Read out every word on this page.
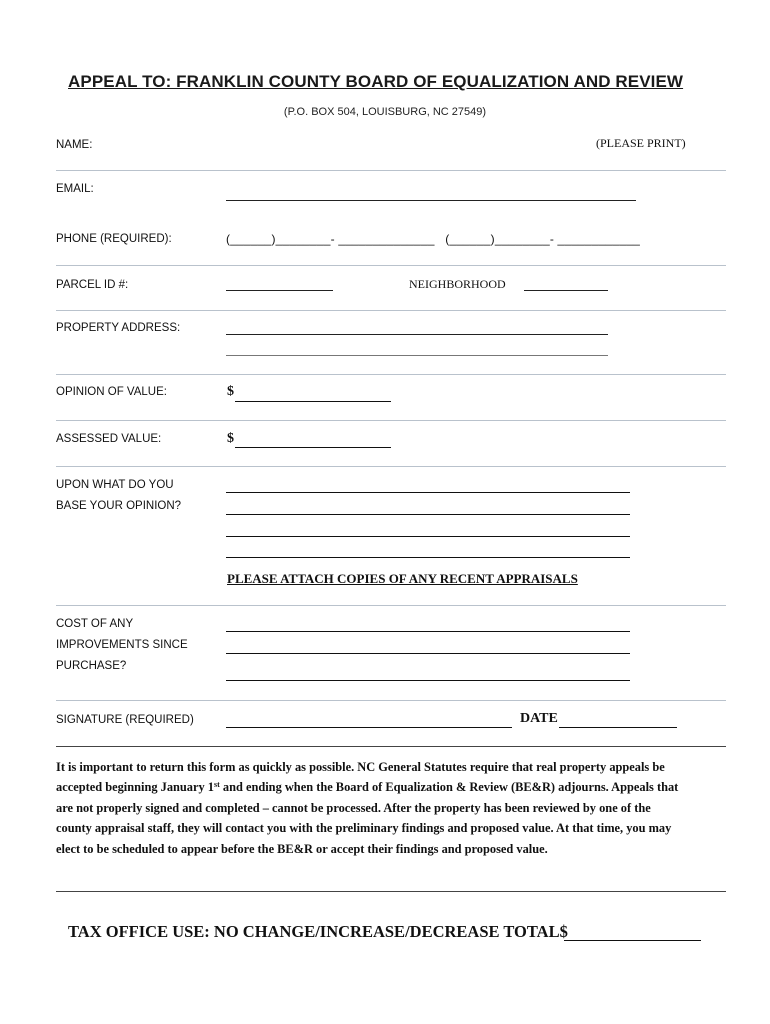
APPEAL TO: FRANKLIN COUNTY BOARD OF EQUALIZATION AND REVIEW
(P.O. BOX 504, LOUISBURG, NC 27549)
NAME:	(PLEASE PRINT)
EMAIL:
PHONE (REQUIRED):	(______)________- ______________   (______)________- ____________
PARCEL ID #:	NEIGHBORHOOD
PROPERTY ADDRESS:
OPINION OF VALUE:	$
ASSESSED VALUE:	$
UPON WHAT DO YOU
BASE YOUR OPINION?
PLEASE ATTACH COPIES OF ANY RECENT APPRAISALS
COST OF ANY
IMPROVEMENTS SINCE
PURCHASE?
SIGNATURE (REQUIRED)	DATE
It is important to return this form as quickly as possible. NC General Statutes require that real property appeals be accepted beginning January 1st and ending when the Board of Equalization & Review (BE&R) adjourns. Appeals that are not properly signed and completed – cannot be processed. After the property has been reviewed by one of the county appraisal staff, they will contact you with the preliminary findings and proposed value. At that time, you may elect to be scheduled to appear before the BE&R or accept their findings and proposed value.
TAX OFFICE USE: NO CHANGE/INCREASE/DECREASE TOTAL$
